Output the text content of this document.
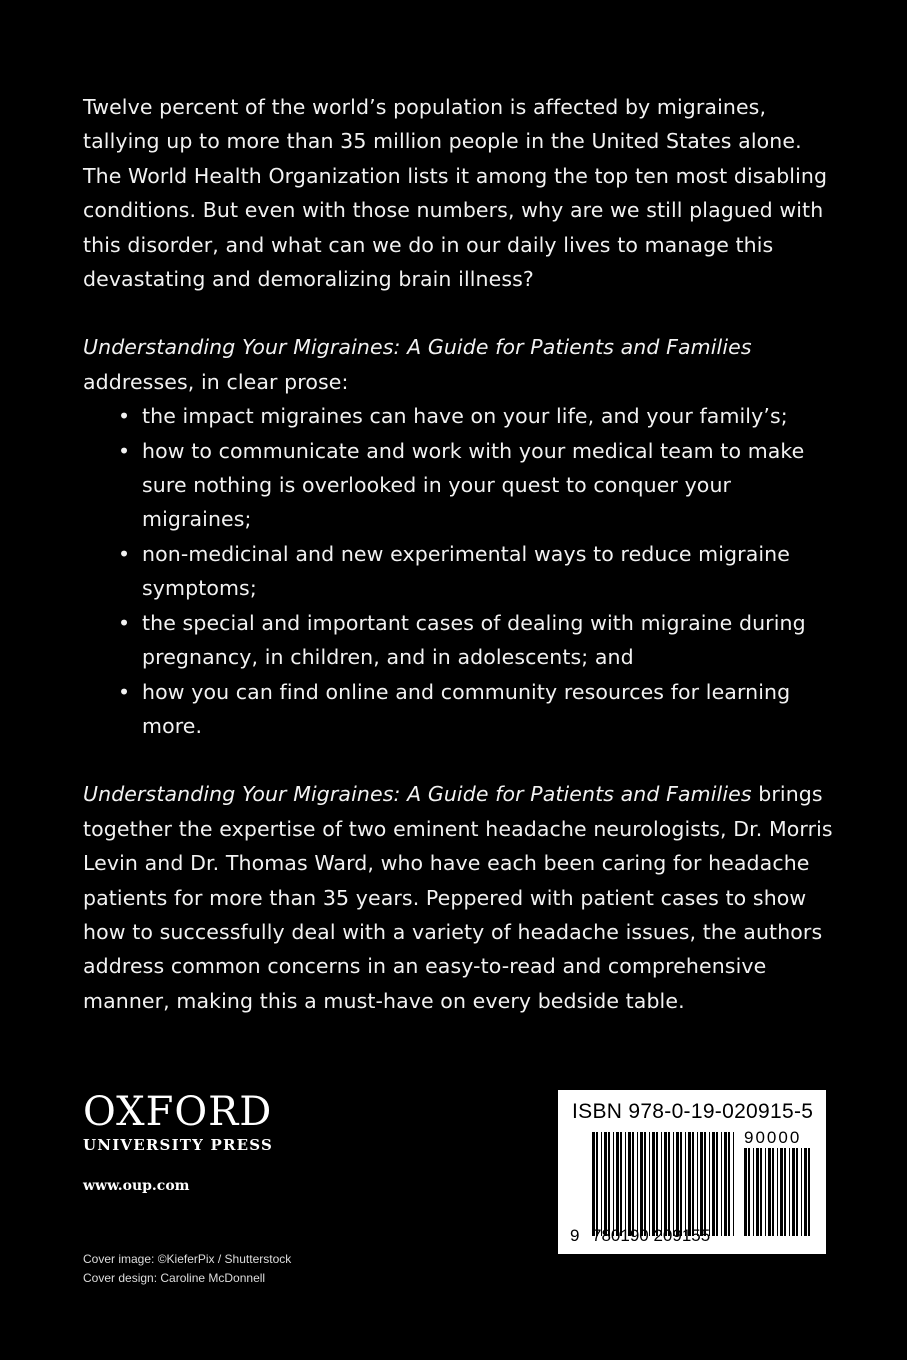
Twelve percent of the world’s population is affected by migraines, tallying up to more than 35 million people in the United States alone. The World Health Organization lists it among the top ten most disabling conditions. But even with those numbers, why are we still plagued with this disorder, and what can we do in our daily lives to manage this devastating and demoralizing brain illness?

Understanding Your Migraines: A Guide for Patients and Families addresses, in clear prose:

• the impact migraines can have on your life, and your family’s;
• how to communicate and work with your medical team to make sure nothing is overlooked in your quest to conquer your migraines;
• non-medicinal and new experimental ways to reduce migraine symptoms;
• the special and important cases of dealing with migraine during pregnancy, in children, and in adolescents; and
• how you can find online and community resources for learning more.

Understanding Your Migraines: A Guide for Patients and Families brings together the expertise of two eminent headache neurologists, Dr. Morris Levin and Dr. Thomas Ward, who have each been caring for headache patients for more than 35 years. Peppered with patient cases to show how to successfully deal with a variety of headache issues, the authors address common concerns in an easy-to-read and comprehensive manner, making this a must-have on every bedside table.

OXFORD
UNIVERSITY PRESS
www.oup.com
Cover image: ©KieferPix / Shutterstock
Cover design: Caroline McDonnell
ISBN 978-0-19-020915-5
90000
9 780190 209155
